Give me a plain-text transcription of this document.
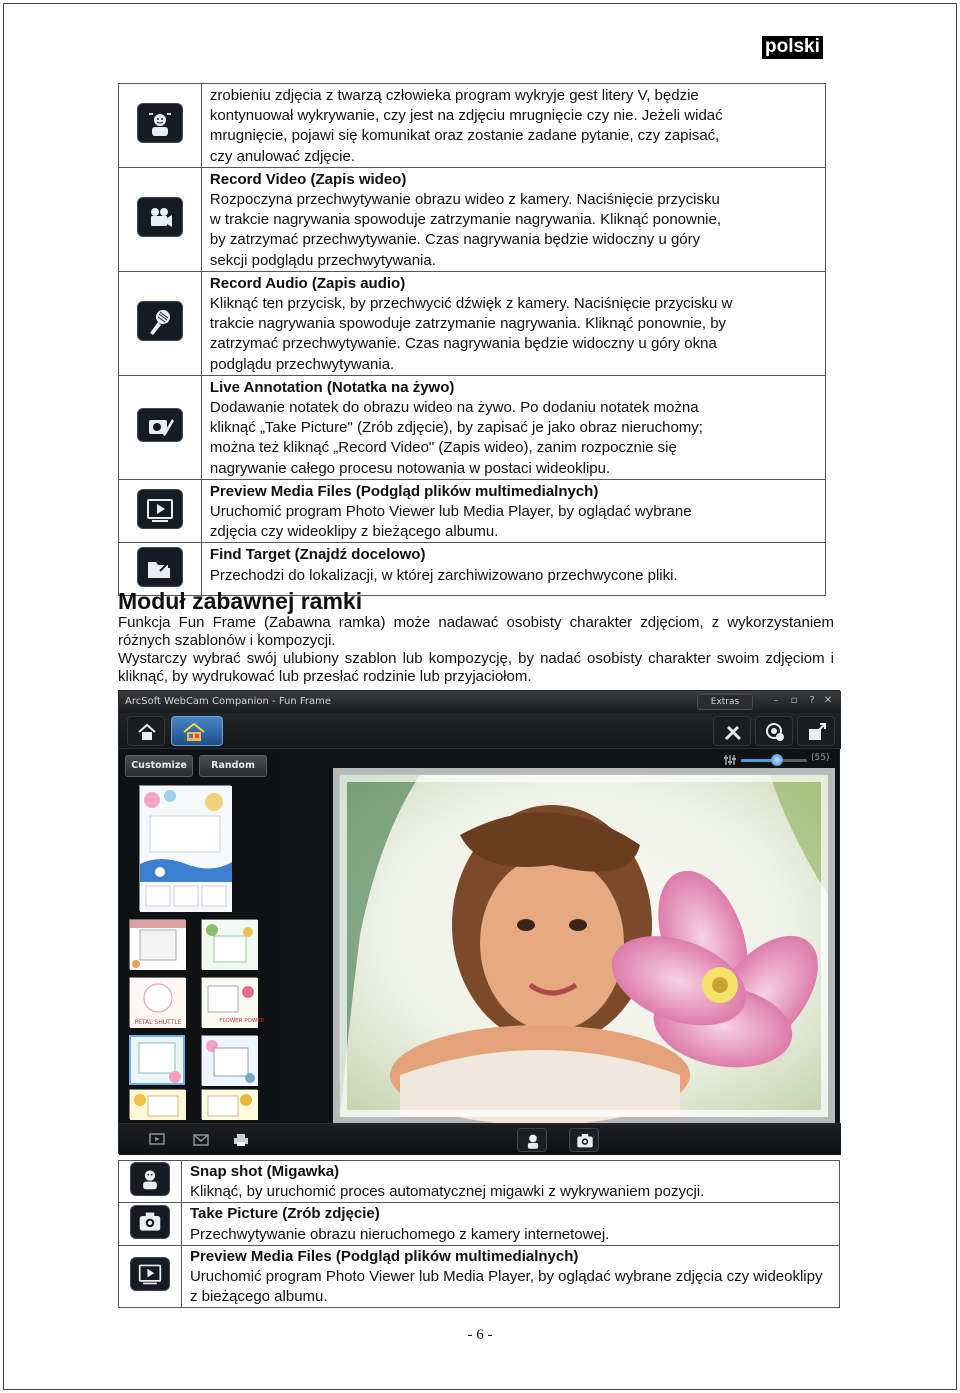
polski

zrobieniu zdjęcia z twarzą człowieka program wykryje gest litery V, będzie

kontynuował wykrywanie, czy jest na zdjęciu mrugnięcie czy nie. Jeżeli widać

mrugnięcie, pojawi się komunikat oraz zostanie zadane pytanie, czy zapisać,

czy anulować zdjęcie.

Record Video (Zapis wideo)

Rozpoczyna przechwytywanie obrazu wideo z kamery. Naciśnięcie przycisku

w trakcie nagrywania spowoduje zatrzymanie nagrywania. Kliknąć ponownie,

by zatrzymać przechwytywanie. Czas nagrywania będzie widoczny u góry

sekcji podglądu przechwytywania.

Record Audio (Zapis audio)

Kliknąć ten przycisk, by przechwycić dźwięk z kamery. Naciśnięcie przycisku w

trakcie nagrywania spowoduje zatrzymanie nagrywania. Kliknąć ponownie, by

zatrzymać przechwytywanie. Czas nagrywania będzie widoczny u góry okna

podglądu przechwytywania.

Live Annotation (Notatka na żywo)

Dodawanie notatek do obrazu wideo na żywo. Po dodaniu notatek można

kliknąć „Take Picture" (Zrób zdjęcie), by zapisać je jako obraz nieruchomy;

można też kliknąć „Record Video" (Zapis wideo), zanim rozpocznie się

nagrywanie całego procesu notowania w postaci wideoklipu.

Preview Media Files (Podgląd plików multimedialnych)

Uruchomić program Photo Viewer lub Media Player, by oglądać wybrane

zdjęcia czy wideoklipy z bieżącego albumu.

Find Target (Znajdź docelowo)

Przechodzi do lokalizacji, w której zarchiwizowano przechwycone pliki.

Moduł zabawnej ramki
Funkcja Fun Frame (Zabawna ramka) może nadawać osobisty charakter zdjęciom, z wykorzystaniem różnych szablonów i kompozycji.
Wystarczy wybrać swój ulubiony szablon lub kompozycję, by nadać osobisty charakter swoim zdjęciom i kliknąć, by wydrukować lub przesłać rodzinie lub przyjaciołom.
ArcSoft WebCam Companion - Fun Frame	Extras	–	▫	? ✕
Customize	Random
PETAL SHUTTLE	FLOWER POWER
(55)

Snap shot (Migawka)

Kliknąć, by uruchomić proces automatycznej migawki z wykrywaniem pozycji.

Take Picture (Zrób zdjęcie)

Przechwytywanie obrazu nieruchomego z kamery internetowej.

Preview Media Files (Podgląd plików multimedialnych)

Uruchomić program Photo Viewer lub Media Player, by oglądać wybrane zdjęcia czy wideoklipy z bieżącego albumu.

- 6 -
